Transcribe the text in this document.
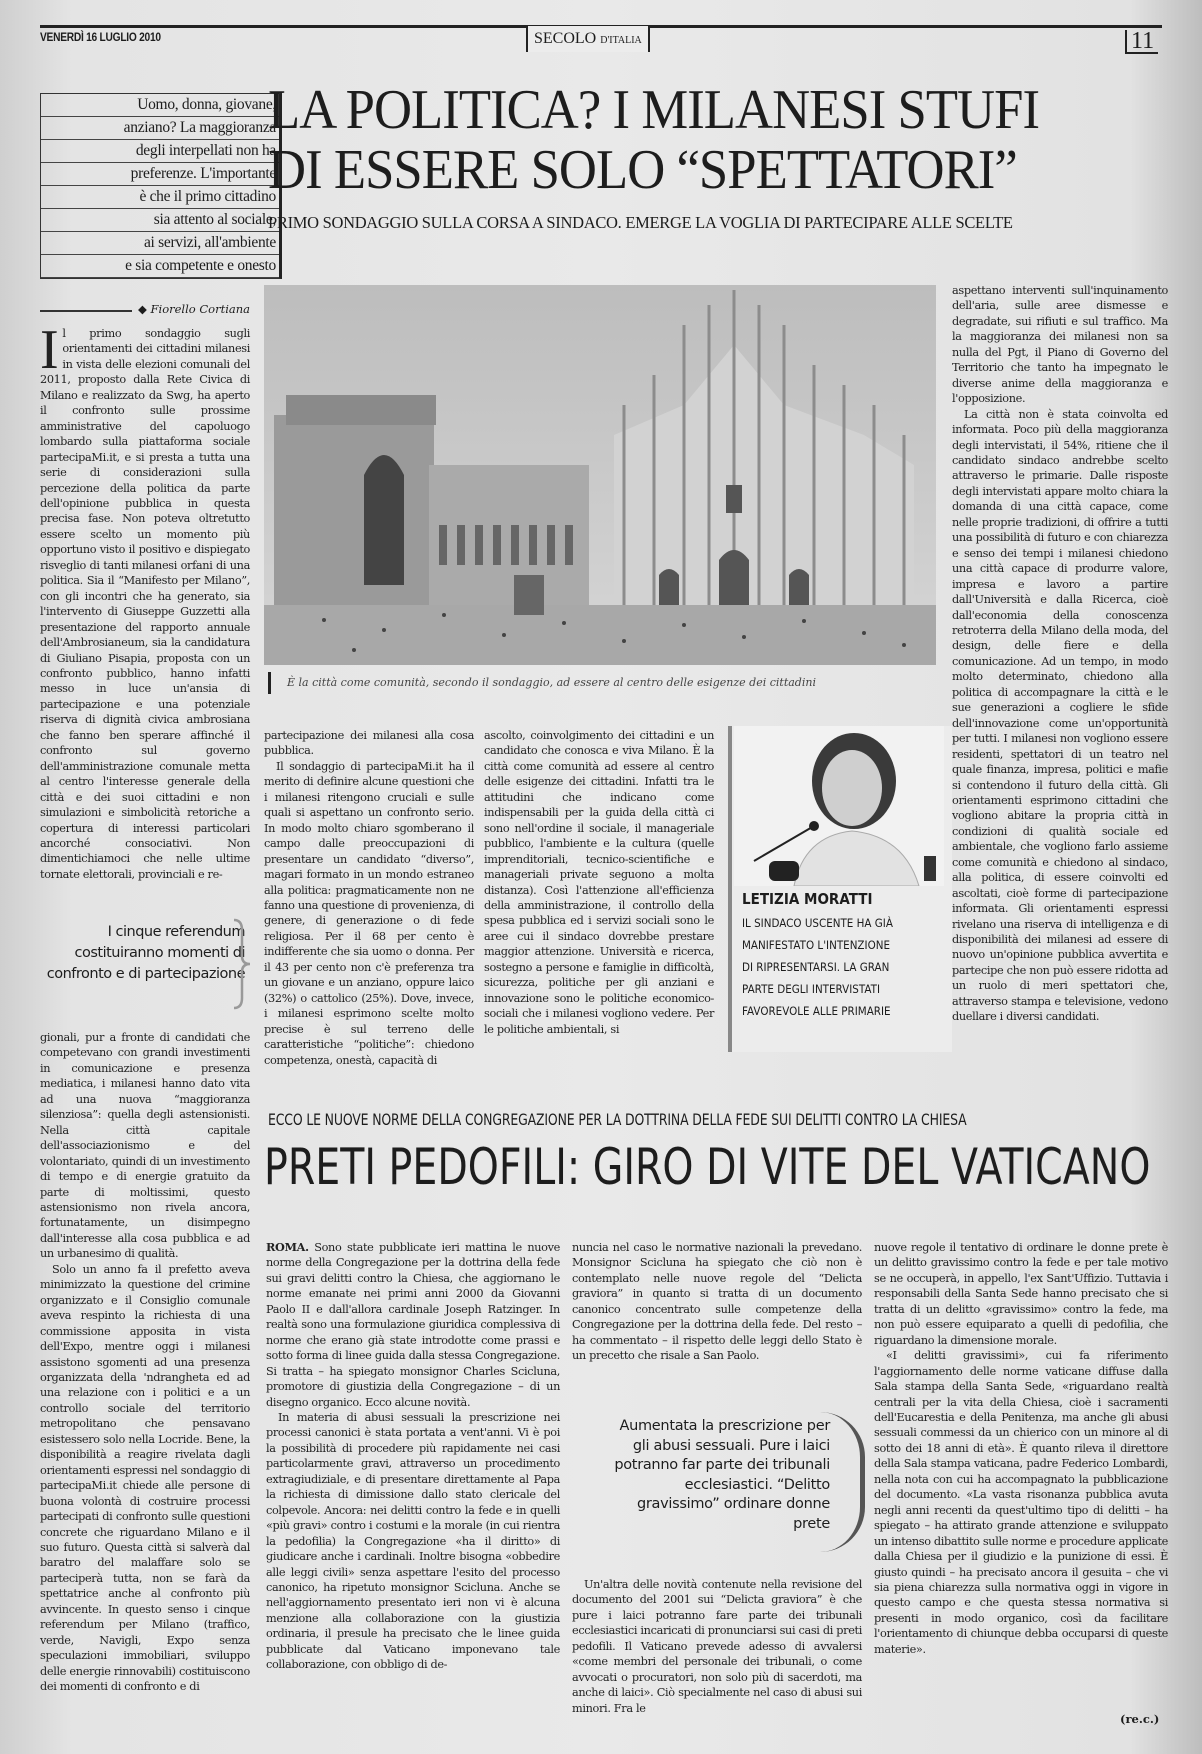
VENERDÌ 16 LUGLIO 2010	SECOLO D'ITALIA	11
Uomo, donna, giovane,
anziano? La maggioranza
degli interpellati non ha
preferenze. L'importante
è che il primo cittadino
sia attento al sociale,
ai servizi, all'ambiente
e sia competente e onesto
LA POLITICA? I MILANESI STUFI
DI ESSERE SOLO “SPETTATORI”
PRIMO SONDAGGIO SULLA CORSA A SINDACO. EMERGE LA VOGLIA DI PARTECIPARE ALLE SCELTE
◆ Fiorello Cortiana

Il primo sondaggio sugli orientamenti dei cittadini milanesi in vista delle elezioni comunali del 2011, proposto dalla Rete Civica di Milano e realizzato da Swg, ha aperto il confronto sulle prossime amministrative del capoluogo lombardo sulla piattaforma sociale partecipaMi.it, e si presta a tutta una serie di considerazioni sulla percezione della politica da parte dell'opinione pubblica in questa precisa fase. Non poteva oltretutto essere scelto un momento più opportuno visto il positivo e dispiegato risveglio di tanti milanesi orfani di una politica. Sia il “Manifesto per Milano”, con gli incontri che ha generato, sia l'intervento di Giuseppe Guzzetti alla presentazione del rapporto annuale dell'Ambrosianeum, sia la candidatura di Giuliano Pisapia, proposta con un confronto pubblico, hanno infatti messo in luce un'ansia di partecipazione e una potenziale riserva di dignità civica ambrosiana che fanno ben sperare affinché il confronto sul governo dell'amministrazione comunale metta al centro l'interesse generale della città e dei suoi cittadini e non simulazioni e simbolicità retoriche a copertura di interessi particolari ancorché consociativi. Non dimentichiamoci che nelle ultime tornate elettorali, provinciali e re-

I cinque referendum costituiranno momenti di confronto e di partecipazione

gionali, pur a fronte di candidati che competevano con grandi investimenti in comunicazione e presenza mediatica, i milanesi hanno dato vita ad una nuova “maggioranza silenziosa”: quella degli astensionisti. Nella città capitale dell'associazionismo e del volontariato, quindi di un investimento di tempo e di energie gratuito da parte di moltissimi, questo astensionismo non rivela ancora, fortunatamente, un disimpegno dall'interesse alla cosa pubblica e ad un urbanesimo di qualità.

Solo un anno fa il prefetto aveva minimizzato la questione del crimine organizzato e il Consiglio comunale aveva respinto la richiesta di una commissione apposita in vista dell'Expo, mentre oggi i milanesi assistono sgomenti ad una presenza organizzata della 'ndrangheta ed ad una relazione con i politici e a un controllo sociale del territorio metropolitano che pensavano esistessero solo nella Locride. Bene, la disponibilità a reagire rivelata dagli orientamenti espressi nel sondaggio di partecipaMi.it chiede alle persone di buona volontà di costruire processi partecipati di confronto sulle questioni concrete che riguardano Milano e il suo futuro. Questa città si salverà dal baratro del malaffare solo se parteciperà tutta, non se farà da spettatrice anche al confronto più avvincente. In questo senso i cinque referendum per Milano (traffico, verde, Navigli, Expo senza speculazioni immobiliari, sviluppo delle energie rinnovabili) costituiscono dei momenti di confronto e di

È la città come comunità, secondo il sondaggio, ad essere al centro delle esigenze dei cittadini

partecipazione dei milanesi alla cosa pubblica.

Il sondaggio di partecipaMi.it ha il merito di definire alcune questioni che i milanesi ritengono cruciali e sulle quali si aspettano un confronto serio. In modo molto chiaro sgomberano il campo dalle preoccupazioni di presentare un candidato “diverso”, magari formato in un mondo estraneo alla politica: pragmaticamente non ne fanno una questione di provenienza, di genere, di generazione o di fede religiosa. Per il 68 per cento è indifferente che sia uomo o donna. Per il 43 per cento non c'è preferenza tra un giovane e un anziano, oppure laico (32%) o cattolico (25%). Dove, invece, i milanesi esprimono scelte molto precise è sul terreno delle caratteristiche “politiche”: chiedono competenza, onestà, capacità di

ascolto, coinvolgimento dei cittadini e un candidato che conosca e viva Milano. È la città come comunità ad essere al centro delle esigenze dei cittadini. Infatti tra le attitudini che indicano come indispensabili per la guida della città ci sono nell'ordine il sociale, il manageriale pubblico, l'ambiente e la cultura (quelle imprenditoriali, tecnico-scientifiche e manageriali private seguono a molta distanza). Così l'attenzione all'efficienza della amministrazione, il controllo della spesa pubblica ed i servizi sociali sono le aree cui il sindaco dovrebbe prestare maggior attenzione. Università e ricerca, sostegno a persone e famiglie in difficoltà, sicurezza, politiche per gli anziani e innovazione sono le politiche economico-sociali che i milanesi vogliono vedere. Per le politiche ambientali, si

LETIZIA MORATTI
IL SINDACO USCENTE HA GIÀ
MANIFESTATO L'INTENZIONE
DI RIPRESENTARSI. LA GRAN
PARTE DEGLI INTERVISTATI
FAVOREVOLE ALLE PRIMARIE

aspettano interventi sull'inquinamento dell'aria, sulle aree dismesse e degradate, sui rifiuti e sul traffico. Ma la maggioranza dei milanesi non sa nulla del Pgt, il Piano di Governo del Territorio che tanto ha impegnato le diverse anime della maggioranza e l'opposizione.

La città non è stata coinvolta ed informata. Poco più della maggioranza degli intervistati, il 54%, ritiene che il candidato sindaco andrebbe scelto attraverso le primarie. Dalle risposte degli intervistati appare molto chiara la domanda di una città capace, come nelle proprie tradizioni, di offrire a tutti una possibilità di futuro e con chiarezza e senso dei tempi i milanesi chiedono una città capace di produrre valore, impresa e lavoro a partire dall'Università e dalla Ricerca, cioè dall'economia della conoscenza retroterra della Milano della moda, del design, delle fiere e della comunicazione. Ad un tempo, in modo molto determinato, chiedono alla politica di accompagnare la città e le sue generazioni a cogliere le sfide dell'innovazione come un'opportunità per tutti. I milanesi non vogliono essere residenti, spettatori di un teatro nel quale finanza, impresa, politici e mafie si contendono il futuro della città. Gli orientamenti esprimono cittadini che vogliono abitare la propria città in condizioni di qualità sociale ed ambientale, che vogliono farlo assieme come comunità e chiedono al sindaco, alla politica, di essere coinvolti ed ascoltati, cioè forme di partecipazione informata. Gli orientamenti espressi rivelano una riserva di intelligenza e di disponibilità dei milanesi ad essere di nuovo un'opinione pubblica avvertita e partecipe che non può essere ridotta ad un ruolo di meri spettatori che, attraverso stampa e televisione, vedono duellare i diversi candidati.

ECCO LE NUOVE NORME DELLA CONGREGAZIONE PER LA DOTTRINA DELLA FEDE SUI DELITTI CONTRO LA CHIESA
PRETI PEDOFILI: GIRO DI VITE DEL VATICANO

ROMA. Sono state pubblicate ieri mattina le nuove norme della Congregazione per la dottrina della fede sui gravi delitti contro la Chiesa, che aggiornano le norme emanate nei primi anni 2000 da Giovanni Paolo II e dall'allora cardinale Joseph Ratzinger. In realtà sono una formulazione giuridica complessiva di norme che erano già state introdotte come prassi e sotto forma di linee guida dalla stessa Congregazione. Si tratta – ha spiegato monsignor Charles Scicluna, promotore di giustizia della Congregazione – di un disegno organico. Ecco alcune novità.

In materia di abusi sessuali la prescrizione nei processi canonici è stata portata a vent'anni. Vi è poi la possibilità di procedere più rapidamente nei casi particolarmente gravi, attraverso un procedimento extragiudiziale, e di presentare direttamente al Papa la richiesta di dimissione dallo stato clericale del colpevole. Ancora: nei delitti contro la fede e in quelli «più gravi» contro i costumi e la morale (in cui rientra la pedofilia) la Congregazione «ha il diritto» di giudicare anche i cardinali. Inoltre bisogna «obbedire alle leggi civili» senza aspettare l'esito del processo canonico, ha ripetuto monsignor Scicluna. Anche se nell'aggiornamento presentato ieri non vi è alcuna menzione alla collaborazione con la giustizia ordinaria, il presule ha precisato che le linee guida pubblicate dal Vaticano imponevano tale collaborazione, con obbligo di de-

nuncia nel caso le normative nazionali la prevedano. Monsignor Scicluna ha spiegato che ciò non è contemplato nelle nuove regole del “Delicta graviora” in quanto si tratta di un documento canonico concentrato sulle competenze della Congregazione per la dottrina della fede. Del resto – ha commentato – il rispetto delle leggi dello Stato è un precetto che risale a San Paolo.

Aumentata la prescrizione per gli abusi sessuali. Pure i laici potranno far parte dei tribunali ecclesiastici. “Delitto gravissimo” ordinare donne prete

Un'altra delle novità contenute nella revisione del documento del 2001 sui “Delicta graviora” è che pure i laici potranno fare parte dei tribunali ecclesiastici incaricati di pronunciarsi sui casi di preti pedofili. Il Vaticano prevede adesso di avvalersi «come membri del personale dei tribunali, o come avvocati o procuratori, non solo più di sacerdoti, ma anche di laici». Ciò specialmente nel caso di abusi sui minori. Fra le

nuove regole il tentativo di ordinare le donne prete è un delitto gravissimo contro la fede e per tale motivo se ne occuperà, in appello, l'ex Sant'Uffizio. Tuttavia i responsabili della Santa Sede hanno precisato che si tratta di un delitto «gravissimo» contro la fede, ma non può essere equiparato a quelli di pedofilia, che riguardano la dimensione morale.

«I delitti gravissimi», cui fa riferimento l'aggiornamento delle norme vaticane diffuse dalla Sala stampa della Santa Sede, «riguardano realtà centrali per la vita della Chiesa, cioè i sacramenti dell'Eucarestia e della Penitenza, ma anche gli abusi sessuali commessi da un chierico con un minore al di sotto dei 18 anni di età». È quanto rileva il direttore della Sala stampa vaticana, padre Federico Lombardi, nella nota con cui ha accompagnato la pubblicazione del documento. «La vasta risonanza pubblica avuta negli anni recenti da quest'ultimo tipo di delitti – ha spiegato – ha attirato grande attenzione e sviluppato un intenso dibattito sulle norme e procedure applicate dalla Chiesa per il giudizio e la punizione di essi. È giusto quindi – ha precisato ancora il gesuita – che vi sia piena chiarezza sulla normativa oggi in vigore in questo campo e che questa stessa normativa si presenti in modo organico, così da facilitare l'orientamento di chiunque debba occuparsi di queste materie».

(re.c.)
